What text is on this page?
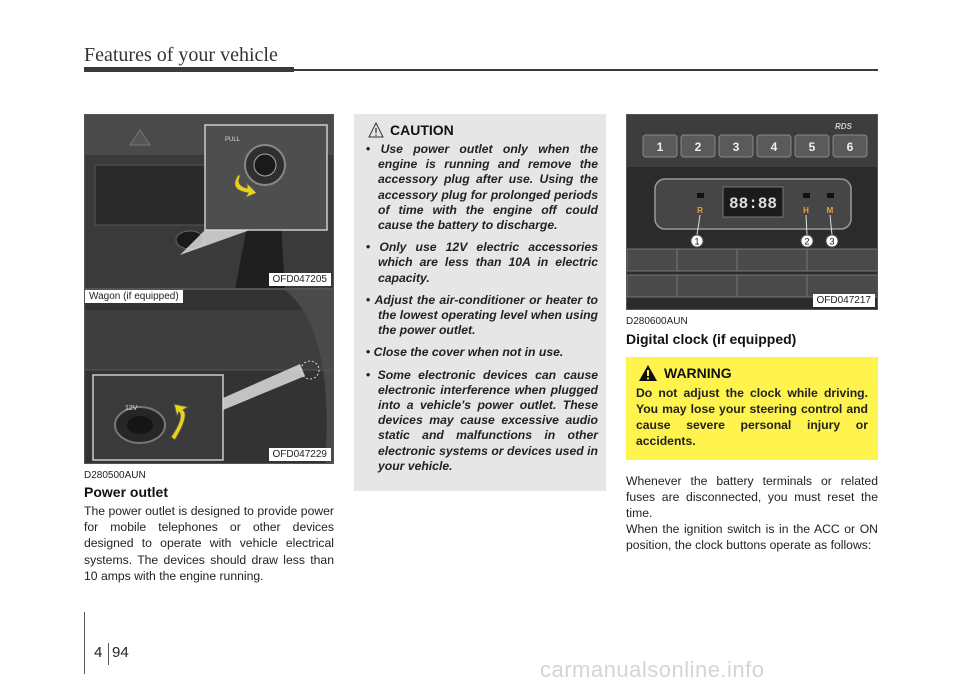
Features of your vehicle
PULL
OFD047205
12V
Wagon (if equipped)
OFD047229
D280500AUN
Power outlet
The power outlet is designed to provide power for mobile telephones or other devices designed to operate with vehicle electrical systems. The devices should draw less than 10 amps with the engine running.
CAUTION
• Use power outlet only when the engine is running and remove the accessory plug after use. Using the accessory plug for prolonged periods of time with the engine off could cause the battery to discharge.
• Only use 12V electric accessories which are less than 10A in electric capacity.
• Adjust the air-conditioner or heater to the lowest operating level when using the power outlet.
• Close the cover when not in use.
• Some electronic devices can cause electronic interference when plugged into a vehicle's power outlet. These devices may cause excessive audio static and malfunctions in other electronic systems or devices used in your vehicle.
RDS
1	2	3	4	5	6
88:88
R	H M
1	2 3
OFD047217
D280600AUN
Digital clock (if equipped)
WARNING
Do not adjust the clock while driving. You may lose your steering control and cause severe personal injury or accidents.
Whenever the battery terminals or related fuses are disconnected, you must reset the time.
When the ignition switch is in the ACC or ON position, the clock buttons operate as follows:
4 94
carmanualsonline.info
